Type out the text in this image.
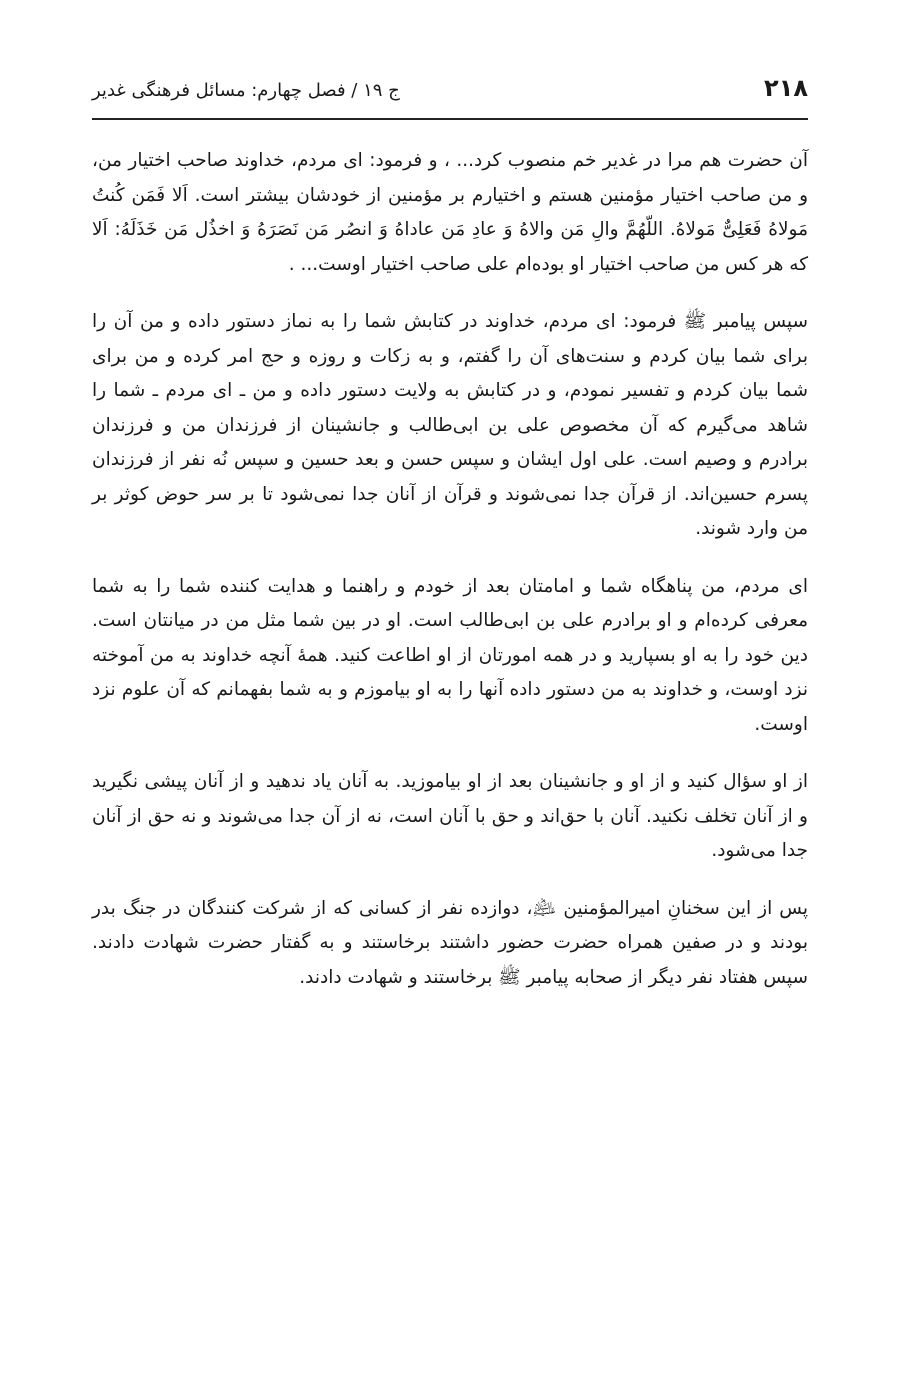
۲۱۸
ج ۱۹ / فصل چهارم: مسائل فرهنگی غدیر

آن حضرت هم مرا در غدیر خم منصوب کرد... ، و فرمود: ای مردم، خداوند صاحب اختیار من، و من صاحب اختیار مؤمنین هستم و اختیارم بر مؤمنین از خودشان بیشتر است. اَلا فَمَن کُنتُ مَولاهُ فَعَلِیٌّ مَولاهُ. اللّهُمَّ والِ مَن والاهُ وَ عادِ مَن عاداهُ وَ انصُر مَن نَصَرَهُ وَ اخذُل مَن خَذَلَهُ: اَلا که هر کس من صاحب اختیار او بوده‌ام علی صاحب اختیار اوست... .

سپس پیامبر ﷺ فرمود: ای مردم، خداوند در کتابش شما را به نماز دستور داده و من آن را برای شما بیان کردم و سنت‌های آن را گفتم، و به زکات و روزه و حج امر کرده و من برای شما بیان کردم و تفسیر نمودم، و در کتابش به ولایت دستور داده و من ـ ای مردم ـ شما را شاهد می‌گیرم که آن مخصوص علی بن ابی‌طالب و جانشینان از فرزندان من و فرزندان برادرم و وصیم است. علی اول ایشان و سپس حسن و بعد حسین و سپس نُه نفر از فرزندان پسرم حسین‌اند. از قرآن جدا نمی‌شوند و قرآن از آنان جدا نمی‌شود تا بر سر حوض کوثر بر من وارد شوند.

ای مردم، من پناهگاه شما و امامتان بعد از خودم و راهنما و هدایت کننده شما را به شما معرفی کرده‌ام و او برادرم علی بن ابی‌طالب است. او در بین شما مثل من در میانتان است. دین خود را به او بسپارید و در همه امورتان از او اطاعت کنید. همهٔ آنچه خداوند به من آموخته نزد اوست، و خداوند به من دستور داده آنها را به او بیاموزم و به شما بفهمانم که آن علوم نزد اوست.

از او سؤال کنید و از او و جانشینان بعد از او بیاموزید. به آنان یاد ندهید و از آنان پیشی نگیرید و از آنان تخلف نکنید. آنان با حق‌اند و حق با آنان است، نه از آن جدا می‌شوند و نه حق از آنان جدا می‌شود.

پس از این سخنانِ امیرالمؤمنین ﵇، دوازده نفر از کسانی که از شرکت کنندگان در جنگ بدر بودند و در صفین همراه حضرت حضور داشتند برخاستند و به گفتار حضرت شهادت دادند. سپس هفتاد نفر دیگر از صحابه پیامبر ﷺ برخاستند و شهادت دادند.
